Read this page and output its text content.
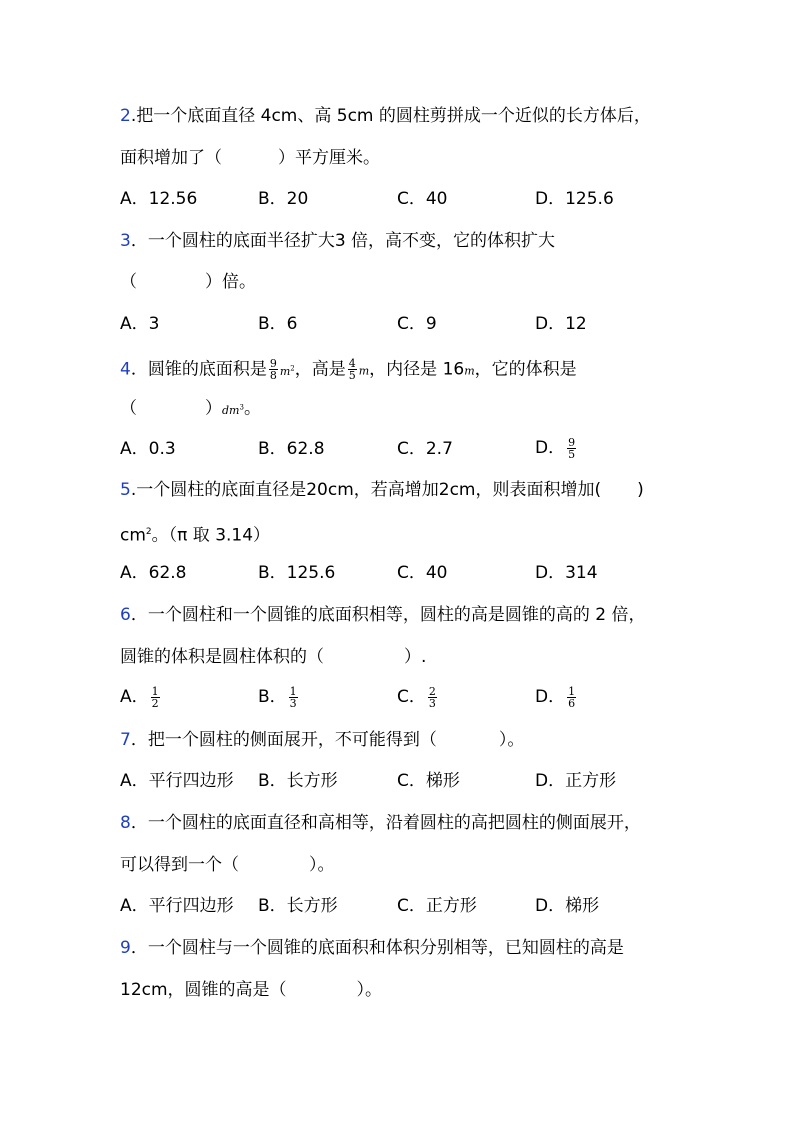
2.把一个底面直径 4cm、高 5cm 的圆柱剪拼成一个近似的长方体后，
面积增加了（	）平方厘米。
A．12.56	B．20	C．40	D．125.6
3．一个圆柱的底面半径扩大3 倍，高不变，它的体积扩大
（	）倍。
A．3	B．6	C．9	D．12
4．圆锥的底面积是 $\frac{9}{8} m^2$，高是 $\frac{4}{5}$ m，内径是 16m，它的体积是
（	）$dm^3$。
A．0.3	B．62.8	C．2.7	D． $\frac{9}{5}$
5.一个圆柱的底面直径是20cm，若高增加2cm，则表面积增加( )
$cm^2$。（π 取 3.14）
A．62.8	B．125.6	C．40	D．314
6．一个圆柱和一个圆锥的底面积相等，圆柱的高是圆锥的高的 2 倍，
圆锥的体积是圆柱体积的（	）.
A． $\frac{1}{2}$	B． $\frac{1}{3}$	C． $\frac{2}{3}$	D． $\frac{1}{6}$
7．把一个圆柱的侧面展开，不可能得到（	）。
A．平行四边形 B．长方形	C．梯形	D．正方形
8．一个圆柱的底面直径和高相等，沿着圆柱的高把圆柱的侧面展开，
可以得到一个（	）。
A．平行四边形 B．长方形	C．正方形	D．梯形
9．一个圆柱与一个圆锥的底面积和体积分别相等，已知圆柱的高是
12cm，圆锥的高是（	）。
